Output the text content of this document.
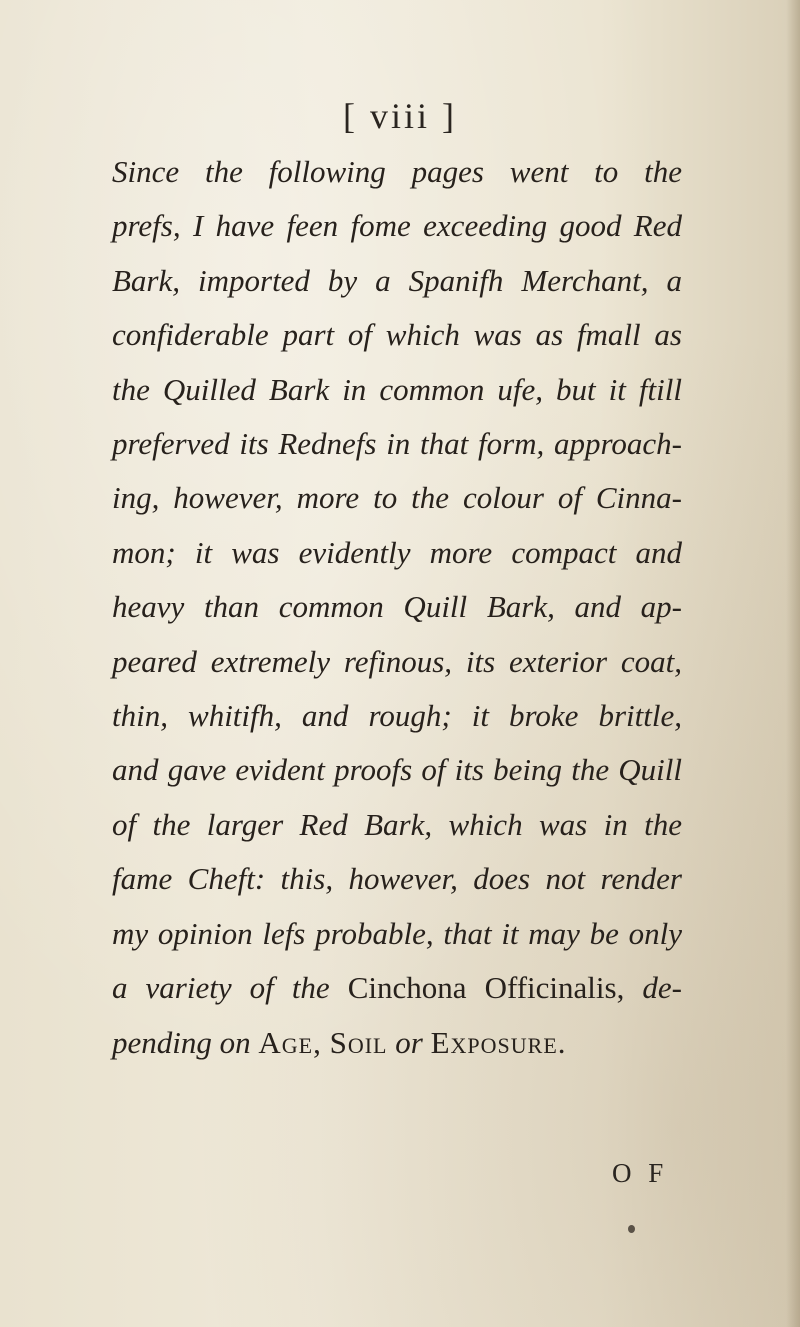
[ viii ]
Since the following pages went to the
prefs, I have feen fome exceeding good Red
Bark, imported by a Spanifh Merchant, a
confiderable part of which was as fmall as
the Quilled Bark in common ufe, but it ftill
preferved its Rednefs in that form, approach-
ing, however, more to the colour of Cinna-
mon; it was evidently more compact and
heavy than common Quill Bark, and ap-
peared extremely refinous, its exterior coat,
thin, whitifh, and rough; it broke brittle,
and gave evident proofs of its being the Quill
of the larger Red Bark, which was in the
fame Cheft: this, however, does not render
my opinion lefs probable, that it may be only
a variety of the Cinchona Officinalis, de-
pending on Age, Soil or Exposure.
O F
